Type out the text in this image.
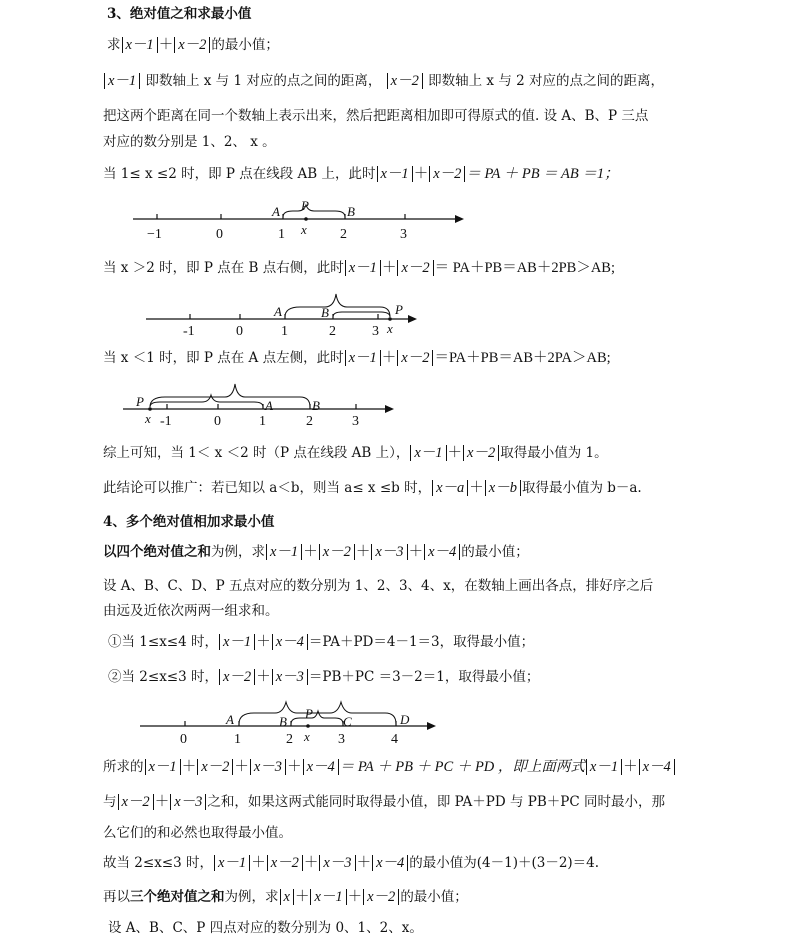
3、绝对值之和求最小值
求 x－1 ＋ x－2 的最小值；
x－1 即数轴上 x 与 1 对应的点之间的距离， x－2 即数轴上 x 与 2 对应的点之间的距离，
把这两个距离在同一个数轴上表示出来，然后把距离相加即可得原式的值. 设 A、B、P 三点
对应的数分别是 1、2、 x 。
当 1≤ x ≤2 时，即 P 点在线段 AB 上，此时 x－1 ＋ x－2 ＝ PA ＋ PB ＝ AB ＝1；
−1	0	1	2	3
A P	B
x
当 x ＞2 时，即 P 点在 B 点右侧，此时 x－1 ＋ x－2 ＝ PA＋PB＝AB＋2PB＞AB;
-1	0	1	2	3
A	B	P
x
当 x ＜1 时，即 P 点在 A 点左侧，此时 x－1 ＋ x－2 ＝PA＋PB＝AB＋2PA＞AB;
-1	0	1	2	3
P	A	B
x
综上可知，当 1＜ x ＜2 时（P 点在线段 AB 上）， x－1 ＋ x－2 取得最小值为 1。
此结论可以推广：若已知以 a＜b，则当 a≤ x ≤b 时， x－a ＋ x－b 取得最小值为 b－a.
4、多个绝对值相加求最小值
以四个绝对值之和为例，求 x－1 ＋ x－2 ＋ x－3 ＋ x－4 的最小值；
设 A、B、C、D、P 五点对应的数分别为 1、2、3、4、x，在数轴上画出各点，排好序之后
由远及近依次两两一组求和。
①当 1≤x≤4 时， x－1 ＋ x－4 ＝PA＋PD＝4－1＝3，取得最小值；
②当 2≤x≤3 时， x－2 ＋ x－3 ＝PB＋PC ＝3－2＝1，取得最小值；
0	1	2	3	4
A	B
P
C	D
x
所求的 x－1 ＋ x－2 ＋ x－3 ＋ x－4 ＝ PA ＋ PB ＋ PC ＋ PD ，即上面两式 x－1 ＋ x－4
与 x－2 ＋ x－3 之和，如果这两式能同时取得最小值，即 PA＋PD 与 PB＋PC 同时最小，那
么它们的和必然也取得最小值。
故当 2≤x≤3 时， x－1 ＋ x－2 ＋ x－3 ＋ x－4 的最小值为(4－1)＋(3－2)＝4.
再以三个绝对值之和为例，求 x ＋ x－1 ＋ x－2 的最小值；
设 A、B、C、P 四点对应的数分别为 0、1、2、x。
